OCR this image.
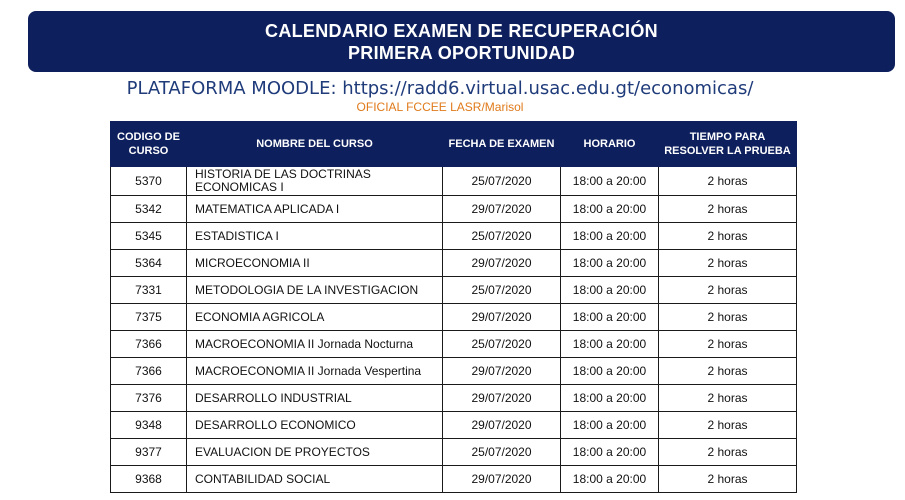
CALENDARIO EXAMEN DE RECUPERACIÓN
PRIMERA OPORTUNIDAD
PLATAFORMA MOODLE: https://radd6.virtual.usac.edu.gt/economicas/
OFICIAL FCCEE LASR/Marisol
CODIGO DE CURSO	NOMBRE DEL CURSO	FECHA DE EXAMEN	HORARIO	TIEMPO PARA RESOLVER LA PRUEBA
5370	HISTORIA DE LAS DOCTRINAS ECONOMICAS I	25/07/2020	18:00 a 20:00	2 horas
5342	MATEMATICA APLICADA I	29/07/2020	18:00 a 20:00	2 horas
5345	ESTADISTICA I	25/07/2020	18:00 a 20:00	2 horas
5364	MICROECONOMIA II	29/07/2020	18:00 a 20:00	2 horas
7331	METODOLOGIA DE LA INVESTIGACION	25/07/2020	18:00 a 20:00	2 horas
7375	ECONOMIA AGRICOLA	29/07/2020	18:00 a 20:00	2 horas
7366	MACROECONOMIA II Jornada Nocturna	25/07/2020	18:00 a 20:00	2 horas
7366	MACROECONOMIA II Jornada Vespertina	29/07/2020	18:00 a 20:00	2 horas
7376	DESARROLLO INDUSTRIAL	29/07/2020	18:00 a 20:00	2 horas
9348	DESARROLLO ECONOMICO	29/07/2020	18:00 a 20:00	2 horas
9377	EVALUACION DE PROYECTOS	25/07/2020	18:00 a 20:00	2 horas
9368	CONTABILIDAD SOCIAL	29/07/2020	18:00 a 20:00	2 horas
